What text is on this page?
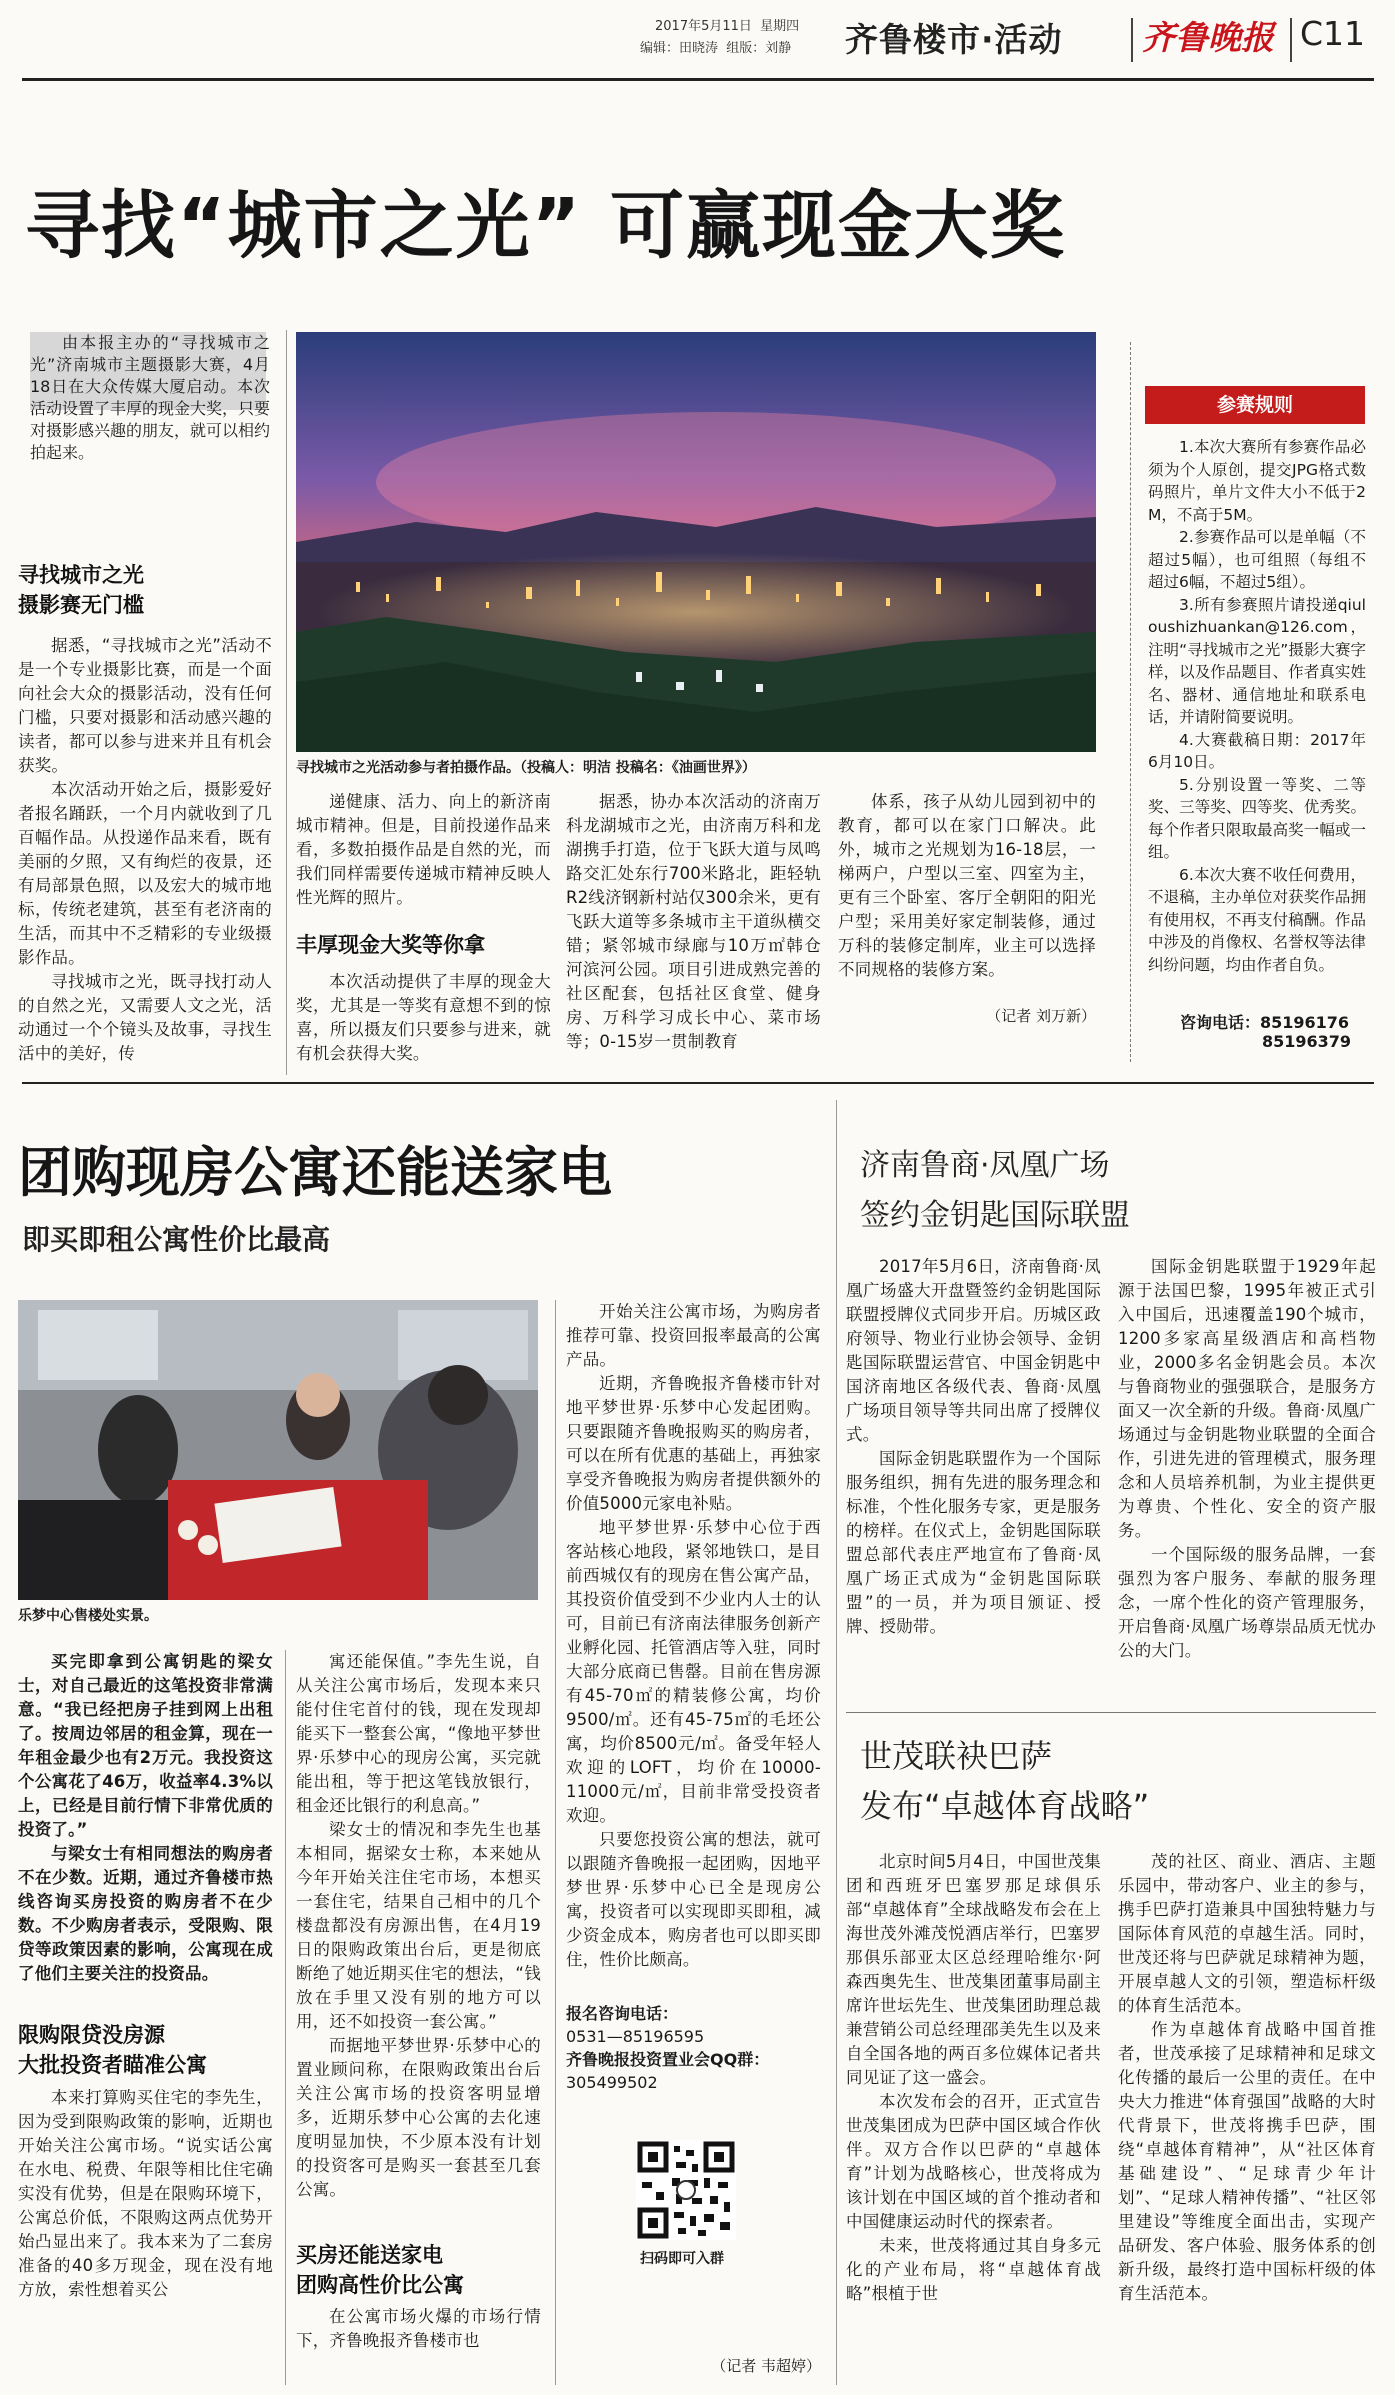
2017年5月11日 星期四
编辑：田晓涛 组版：刘静 齐鲁楼市·活动 齐鲁晚报 C11
寻找“城市之光” 可赢现金大奖
由本报主办的“寻找城市之光”济南城市主题摄影大赛，4月18日在大众传媒大厦启动。本次活动设置了丰厚的现金大奖，只要对摄影感兴趣的朋友，就可以相约拍起来。
寻找城市之光
摄影赛无门槛

据悉，“寻找城市之光”活动不是一个专业摄影比赛，而是一个面向社会大众的摄影活动，没有任何门槛，只要对摄影和活动感兴趣的读者，都可以参与进来并且有机会获奖。

本次活动开始之后，摄影爱好者报名踊跃，一个月内就收到了几百幅作品。从投递作品来看，既有美丽的夕照，又有绚烂的夜景，还有局部景色照，以及宏大的城市地标，传统老建筑，甚至有老济南的生活，而其中不乏精彩的专业级摄影作品。

寻找城市之光，既寻找打动人的自然之光，又需要人文之光，活动通过一个个镜头及故事，寻找生活中的美好，传

寻找城市之光活动参与者拍摄作品。（投稿人：明洁 投稿名：《油画世界》）

递健康、活力、向上的新济南城市精神。但是，目前投递作品来看，多数拍摄作品是自然的光，而我们同样需要传递城市精神反映人性光辉的照片。

丰厚现金大奖等你拿

本次活动提供了丰厚的现金大奖，尤其是一等奖有意想不到的惊喜，所以摄友们只要参与进来，就有机会获得大奖。

据悉，协办本次活动的济南万科龙湖城市之光，由济南万科和龙湖携手打造，位于飞跃大道与凤鸣路交汇处东行700米路北，距轻轨R2线济钢新村站仅300余米，更有飞跃大道等多条城市主干道纵横交错；紧邻城市绿廊与10万㎡韩仓河滨河公园。项目引进成熟完善的社区配套，包括社区食堂、健身房、万科学习成长中心、菜市场等；0-15岁一贯制教育

体系，孩子从幼儿园到初中的教育，都可以在家门口解决。此外，城市之光规划为16-18层，一梯两户，户型以三室、四室为主，更有三个卧室、客厅全朝阳的阳光户型；采用美好家定制装修，通过万科的装修定制库，业主可以选择不同规格的装修方案。

（记者 刘万新）
参赛规则
1.本次大赛所有参赛作品必须为个人原创，提交JPG格式数码照片，单片文件大小不低于2M，不高于5M。
2.参赛作品可以是单幅（不超过5幅），也可组照（每组不超过6幅，不超过5组）。
3.所有参赛照片请投递qiuloushizhuankan@126.com，注明“寻找城市之光”摄影大赛字样，以及作品题目、作者真实姓名、器材、通信地址和联系电话，并请附简要说明。
4.大赛截稿日期：2017年6月10日。
5.分别设置一等奖、二等奖、三等奖、四等奖、优秀奖。每个作者只限取最高奖一幅或一组。
6.本次大赛不收任何费用，不退稿，主办单位对获奖作品拥有使用权，不再支付稿酬。作品中涉及的肖像权、名誉权等法律纠纷问题，均由作者自负。
咨询电话：85196176
85196379
团购现房公寓还能送家电
即买即租公寓性价比最高
乐梦中心售楼处实景。

买完即拿到公寓钥匙的梁女士，对自己最近的这笔投资非常满意。“我已经把房子挂到网上出租了。按周边邻居的租金算，现在一年租金最少也有2万元。我投资这个公寓花了46万，收益率4.3%以上，已经是目前行情下非常优质的投资了。”

与梁女士有相同想法的购房者不在少数。近期，通过齐鲁楼市热线咨询买房投资的购房者不在少数。不少购房者表示，受限购、限贷等政策因素的影响，公寓现在成了他们主要关注的投资品。

限购限贷没房源
大批投资者瞄准公寓

本来打算购买住宅的李先生，因为受到限购政策的影响，近期也开始关注公寓市场。“说实话公寓在水电、税费、年限等相比住宅确实没有优势，但是在限购环境下，公寓总价低，不限购这两点优势开始凸显出来了。我本来为了二套房准备的40多万现金，现在没有地方放，索性想着买公

寓还能保值。”李先生说，自从关注公寓市场后，发现本来只能付住宅首付的钱，现在发现却能买下一整套公寓，“像地平梦世界·乐梦中心的现房公寓，买完就能出租，等于把这笔钱放银行，租金还比银行的利息高。”

梁女士的情况和李先生也基本相同，据梁女士称，本来她从今年开始关注住宅市场，本想买一套住宅，结果自己相中的几个楼盘都没有房源出售，在4月19日的限购政策出台后，更是彻底断绝了她近期买住宅的想法，“钱放在手里又没有别的地方可以用，还不如投资一套公寓。”

而据地平梦世界·乐梦中心的置业顾问称，在限购政策出台后关注公寓市场的投资客明显增多，近期乐梦中心公寓的去化速度明显加快，不少原本没有计划的投资客可是购买一套甚至几套公寓。

买房还能送家电
团购高性价比公寓

在公寓市场火爆的市场行情下，齐鲁晚报齐鲁楼市也

开始关注公寓市场，为购房者推荐可靠、投资回报率最高的公寓产品。

近期，齐鲁晚报齐鲁楼市针对地平梦世界·乐梦中心发起团购。只要跟随齐鲁晚报购买的购房者，可以在所有优惠的基础上，再独家享受齐鲁晚报为购房者提供额外的价值5000元家电补贴。

地平梦世界·乐梦中心位于西客站核心地段，紧邻地铁口，是目前西城仅有的现房在售公寓产品，其投资价值受到不少业内人士的认可，目前已有济南法律服务创新产业孵化园、托管酒店等入驻，同时大部分底商已售罄。目前在售房源有45-70㎡的精装修公寓，均价9500/㎡。还有45-75㎡的毛坯公寓，均价8500元/㎡。备受年轻人欢迎的LOFT，均价在10000-11000元/㎡，目前非常受投资者欢迎。

只要您投资公寓的想法，就可以跟随齐鲁晚报一起团购，因地平梦世界·乐梦中心已全是现房公寓，投资者可以实现即买即租，减少资金成本，购房者也可以即买即住，性价比颇高。

报名咨询电话：
0531—85196595
齐鲁晚报投资置业会QQ群：
305499502
扫码即可入群
（记者 韦超婷）
济南鲁商·凤凰广场
签约金钥匙国际联盟

2017年5月6日，济南鲁商·凤凰广场盛大开盘暨签约金钥匙国际联盟授牌仪式同步开启。历城区政府领导、物业行业协会领导、金钥匙国际联盟运营官、中国金钥匙中国济南地区各级代表、鲁商·凤凰广场项目领导等共同出席了授牌仪式。

国际金钥匙联盟作为一个国际服务组织，拥有先进的服务理念和标准，个性化服务专家，更是服务的榜样。在仪式上，金钥匙国际联盟总部代表庄严地宣布了鲁商·凤凰广场正式成为“金钥匙国际联盟”的一员，并为项目颁证、授牌、授勋带。

国际金钥匙联盟于1929年起源于法国巴黎，1995年被正式引入中国后，迅速覆盖190个城市，1200多家高星级酒店和高档物业，2000多名金钥匙会员。本次与鲁商物业的强强联合，是服务方面又一次全新的升级。鲁商·凤凰广场通过与金钥匙物业联盟的全面合作，引进先进的管理模式，服务理念和人员培养机制，为业主提供更为尊贵、个性化、安全的资产服务。

一个国际级的服务品牌，一套强烈为客户服务、奉献的服务理念，一席个性化的资产管理服务，开启鲁商·凤凰广场尊崇品质无忧办公的大门。

世茂联袂巴萨
发布“卓越体育战略”

北京时间5月4日，中国世茂集团和西班牙巴塞罗那足球俱乐部“卓越体育”全球战略发布会在上海世茂外滩茂悦酒店举行，巴塞罗那俱乐部亚太区总经理哈维尔·阿森西奥先生、世茂集团董事局副主席许世坛先生、世茂集团助理总裁兼营销公司总经理邵美先生以及来自全国各地的两百多位媒体记者共同见证了这一盛会。

本次发布会的召开，正式宣告世茂集团成为巴萨中国区域合作伙伴。双方合作以巴萨的“卓越体育”计划为战略核心，世茂将成为该计划在中国区域的首个推动者和中国健康运动时代的探索者。

未来，世茂将通过其自身多元化的产业布局，将“卓越体育战略”根植于世

茂的社区、商业、酒店、主题乐园中，带动客户、业主的参与，携手巴萨打造兼具中国独特魅力与国际体育风范的卓越生活。同时，世茂还将与巴萨就足球精神为题，开展卓越人文的引领，塑造标杆级的体育生活范本。

作为卓越体育战略中国首推者，世茂承接了足球精神和足球文化传播的最后一公里的责任。在中央大力推进“体育强国”战略的大时代背景下，世茂将携手巴萨，围绕“卓越体育精神”，从“社区体育基础建设”、“足球青少年计划”、“足球人精神传播”、“社区邻里建设”等维度全面出击，实现产品研发、客户体验、服务体系的创新升级，最终打造中国标杆级的体育生活范本。
